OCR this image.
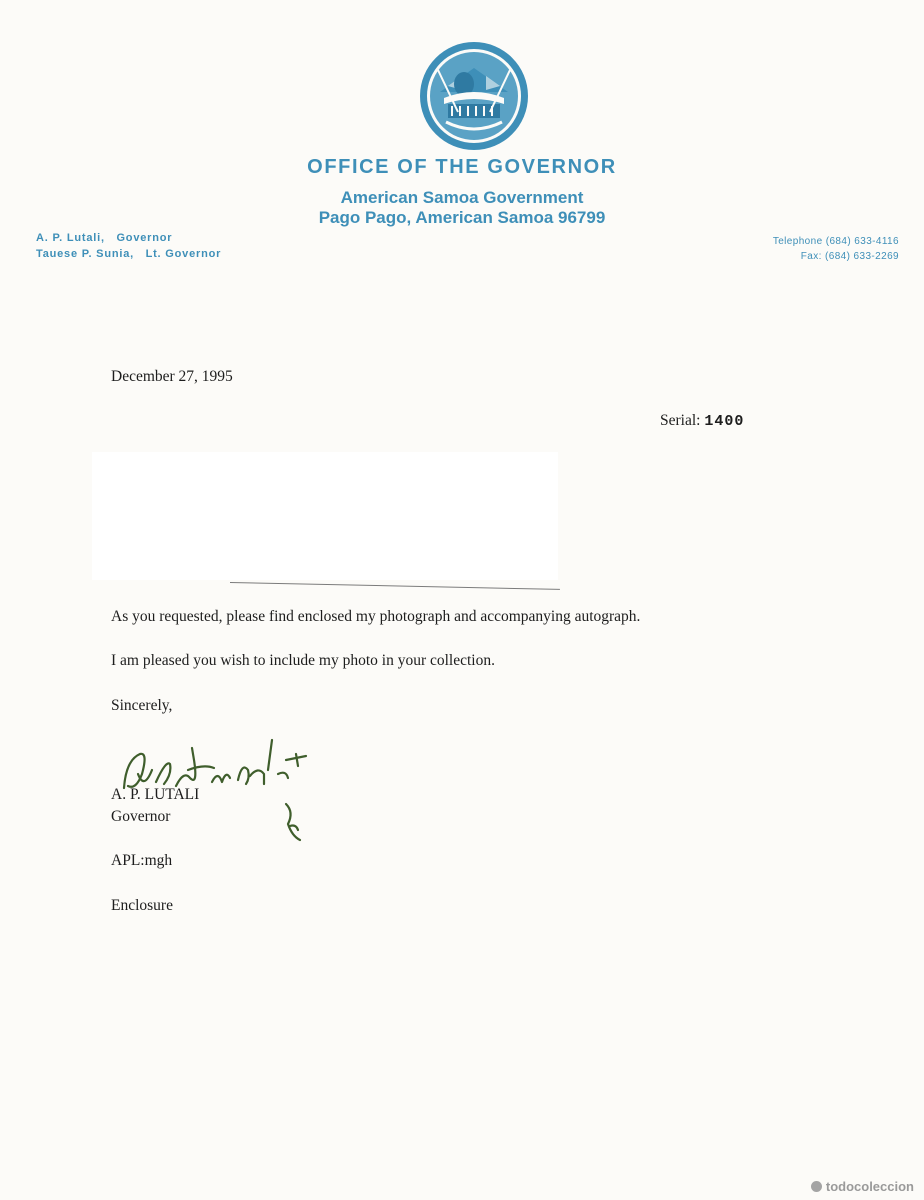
OFFICE OF THE GOVERNOR
American Samoa Government
Pago Pago, American Samoa 96799
A. P. Lutali, Governor
Tauese P. Sunia, Lt. Governor
Telephone (684) 633-4116
Fax: (684) 633-2269
December 27, 1995
Serial: 1400
As you requested, please find enclosed my photograph and accompanying autograph.
I am pleased you wish to include my photo in your collection.
Sincerely,
A. P. LUTALI
Governor
APL:mgh
Enclosure
todocoleccion
